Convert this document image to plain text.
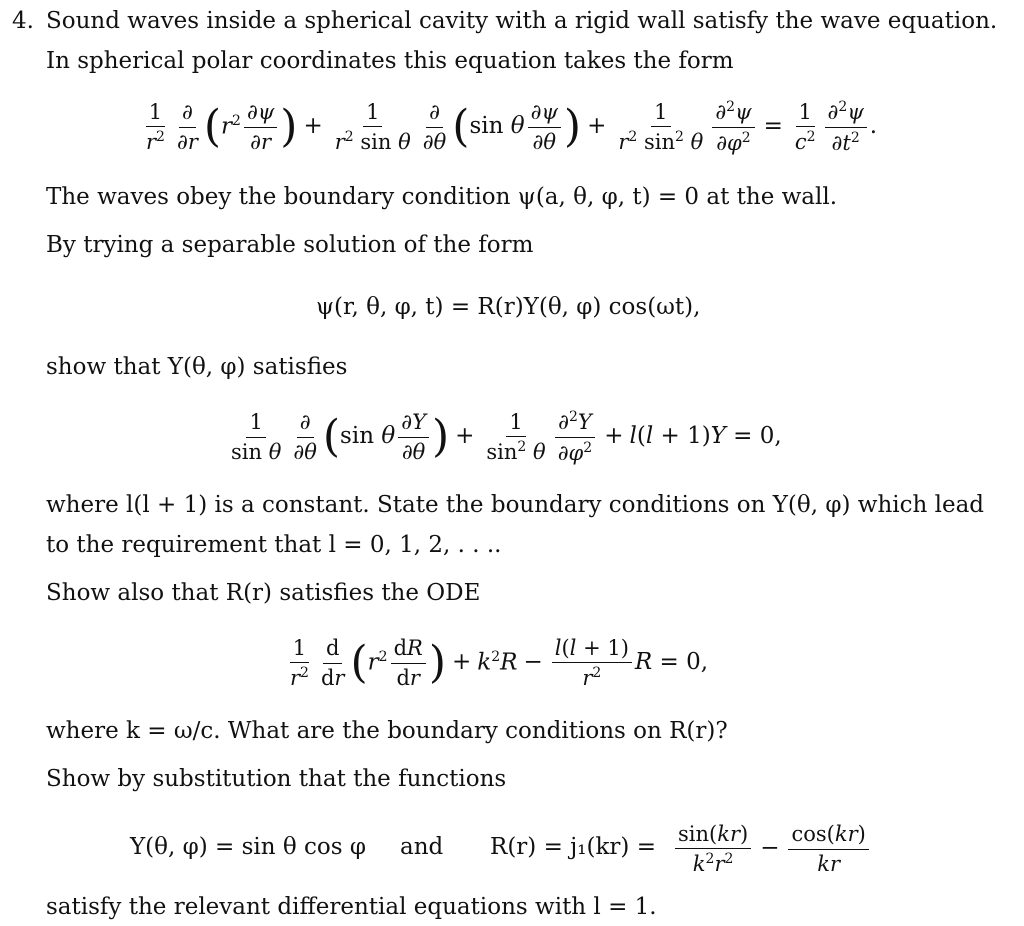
4. Sound waves inside a spherical cavity with a rigid wall satisfy the wave equation.
In spherical polar coordinates this equation takes the form
$\frac{1}{r^2} \frac{\partial}{\partial r}$ ( $r^2 \frac{\partial\psi}{\partial r}$ ) + $\frac{1}{r^2 \sin \theta} \frac{\partial}{\partial\theta}$ ( sin θ $\frac{\partial\psi}{\partial\theta}$ ) + $\frac{1}{r^2 \sin^2 \theta} \frac{\partial^2\psi}{\partial\varphi^2} = \frac{1}{c^2} \frac{\partial^2\psi}{\partial t^2}$ .
The waves obey the boundary condition ψ(a, θ, φ, t) = 0 at the wall.
By trying a separable solution of the form
ψ(r, θ, φ, t) = R(r)Y(θ, φ) cos(ωt),
show that Y(θ, φ) satisfies
$\frac{1}{\text{sin θ}} \frac{\partial}{\partial\theta}$ ( sin θ $\frac{\partial Y}{\partial\theta}$ ) + $\frac{1}{\sin^2 \theta} \frac{\partial^2Y}{\partial\varphi^2} + l(l + 1)Y = 0$,
where l(l + 1) is a constant. State the boundary conditions on Y(θ, φ) which lead
to the requirement that l = 0, 1, 2, . . ..
Show also that R(r) satisfies the ODE
$\frac{1}{r^2} \frac{d}{dr}$ ( $r^2 \frac{dR}{dr}$ ) + $k^2R - \frac{l(l + 1)}{r^2}$ R = 0,
where k = ω/c. What are the boundary conditions on R(r)?
Show by substitution that the functions
Y(θ, φ) = sin θ cos φ and $R(r) = j_1(kr) = \frac{\sin(kr)}{k^2r^2} - \frac{\cos(kr)}{kr}$
satisfy the relevant differential equations with l = 1.
